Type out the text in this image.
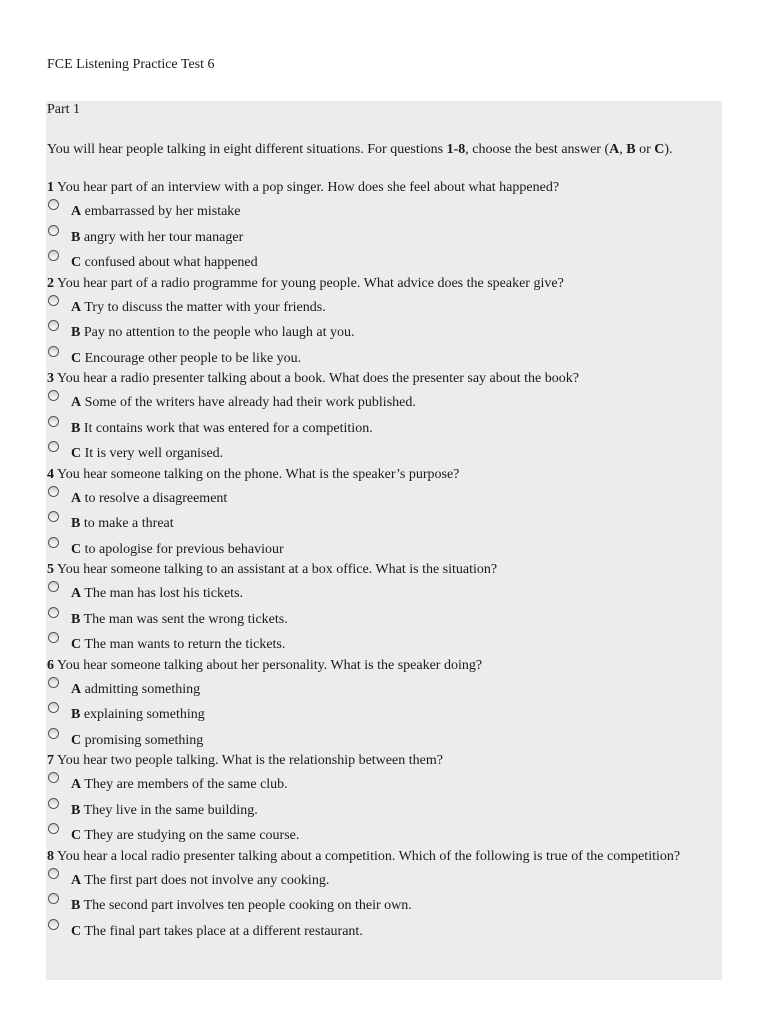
FCE Listening Practice Test 6
Part 1
You will hear people talking in eight different situations. For questions 1-8, choose the best answer (A, B or C).
1 You hear part of an interview with a pop singer. How does she feel about what happened?
A embarrassed by her mistake
B angry with her tour manager
C confused about what happened
2 You hear part of a radio programme for young people. What advice does the speaker give?
A Try to discuss the matter with your friends.
B Pay no attention to the people who laugh at you.
C Encourage other people to be like you.
3 You hear a radio presenter talking about a book. What does the presenter say about the book?
A Some of the writers have already had their work published.
B It contains work that was entered for a competition.
C It is very well organised.
4 You hear someone talking on the phone. What is the speaker’s purpose?
A to resolve a disagreement
B to make a threat
C to apologise for previous behaviour
5 You hear someone talking to an assistant at a box office. What is the situation?
A The man has lost his tickets.
B The man was sent the wrong tickets.
C The man wants to return the tickets.
6 You hear someone talking about her personality. What is the speaker doing?
A admitting something
B explaining something
C promising something
7 You hear two people talking. What is the relationship between them?
A They are members of the same club.
B They live in the same building.
C They are studying on the same course.
8 You hear a local radio presenter talking about a competition. Which of the following is true of the competition?
A The first part does not involve any cooking.
B The second part involves ten people cooking on their own.
C The final part takes place at a different restaurant.
